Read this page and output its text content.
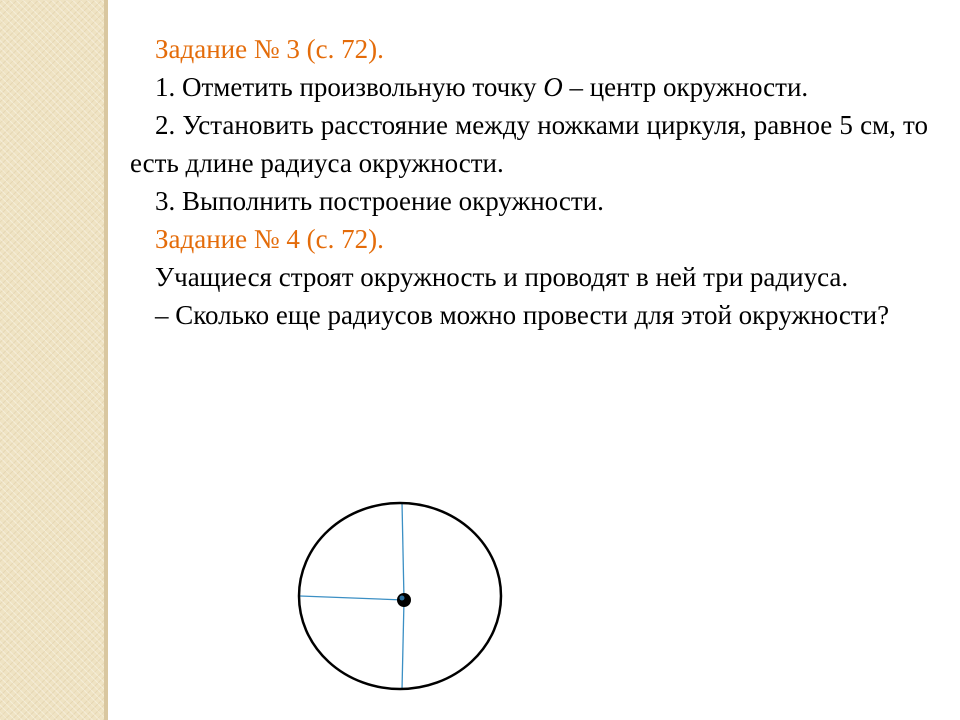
Задание № 3 (с. 72).

1. Отметить произвольную точку O – центр окружности.

2. Установить расстояние между ножками циркуля, равное 5 см, то есть длине радиуса окружности.

3. Выполнить построение окружности.

Задание № 4 (с. 72).

Учащиеся строят окружность и проводят в ней три радиуса.

– Сколько еще радиусов можно провести для этой окружности?
